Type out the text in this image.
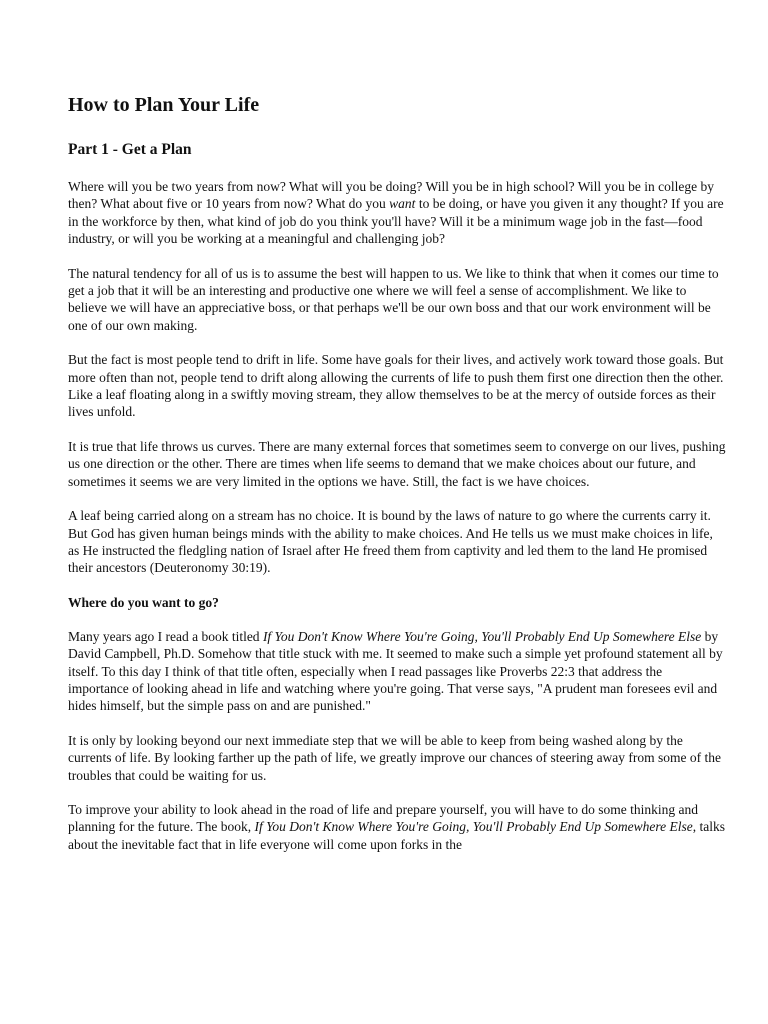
How to Plan Your Life
Part 1 - Get a Plan

Where will you be two years from now? What will you be doing? Will you be in high school? Will you be in college by then? What about five or 10 years from now? What do you want to be doing, or have you given it any thought? If you are in the workforce by then, what kind of job do you think you'll have? Will it be a minimum wage job in the fast—food industry, or will you be working at a meaningful and challenging job?

The natural tendency for all of us is to assume the best will happen to us. We like to think that when it comes our time to get a job that it will be an interesting and productive one where we will feel a sense of accomplishment. We like to believe we will have an appreciative boss, or that perhaps we'll be our own boss and that our work environment will be one of our own making.

But the fact is most people tend to drift in life. Some have goals for their lives, and actively work toward those goals. But more often than not, people tend to drift along allowing the currents of life to push them first one direction then the other. Like a leaf floating along in a swiftly moving stream, they allow themselves to be at the mercy of outside forces as their lives unfold.

It is true that life throws us curves. There are many external forces that sometimes seem to converge on our lives, pushing us one direction or the other. There are times when life seems to demand that we make choices about our future, and sometimes it seems we are very limited in the options we have. Still, the fact is we have choices.

A leaf being carried along on a stream has no choice. It is bound by the laws of nature to go where the currents carry it. But God has given human beings minds with the ability to make choices. And He tells us we must make choices in life, as He instructed the fledgling nation of Israel after He freed them from captivity and led them to the land He promised their ancestors (Deuteronomy 30:19).

Where do you want to go?

Many years ago I read a book titled If You Don't Know Where You're Going, You'll Probably End Up Somewhere Else by David Campbell, Ph.D. Somehow that title stuck with me. It seemed to make such a simple yet profound statement all by itself. To this day I think of that title often, especially when I read passages like Proverbs 22:3 that address the importance of looking ahead in life and watching where you're going. That verse says, "A prudent man foresees evil and hides himself, but the simple pass on and are punished."

It is only by looking beyond our next immediate step that we will be able to keep from being washed along by the currents of life. By looking farther up the path of life, we greatly improve our chances of steering away from some of the troubles that could be waiting for us.

To improve your ability to look ahead in the road of life and prepare yourself, you will have to do some thinking and planning for the future. The book, If You Don't Know Where You're Going, You'll Probably End Up Somewhere Else, talks about the inevitable fact that in life everyone will come upon forks in the
